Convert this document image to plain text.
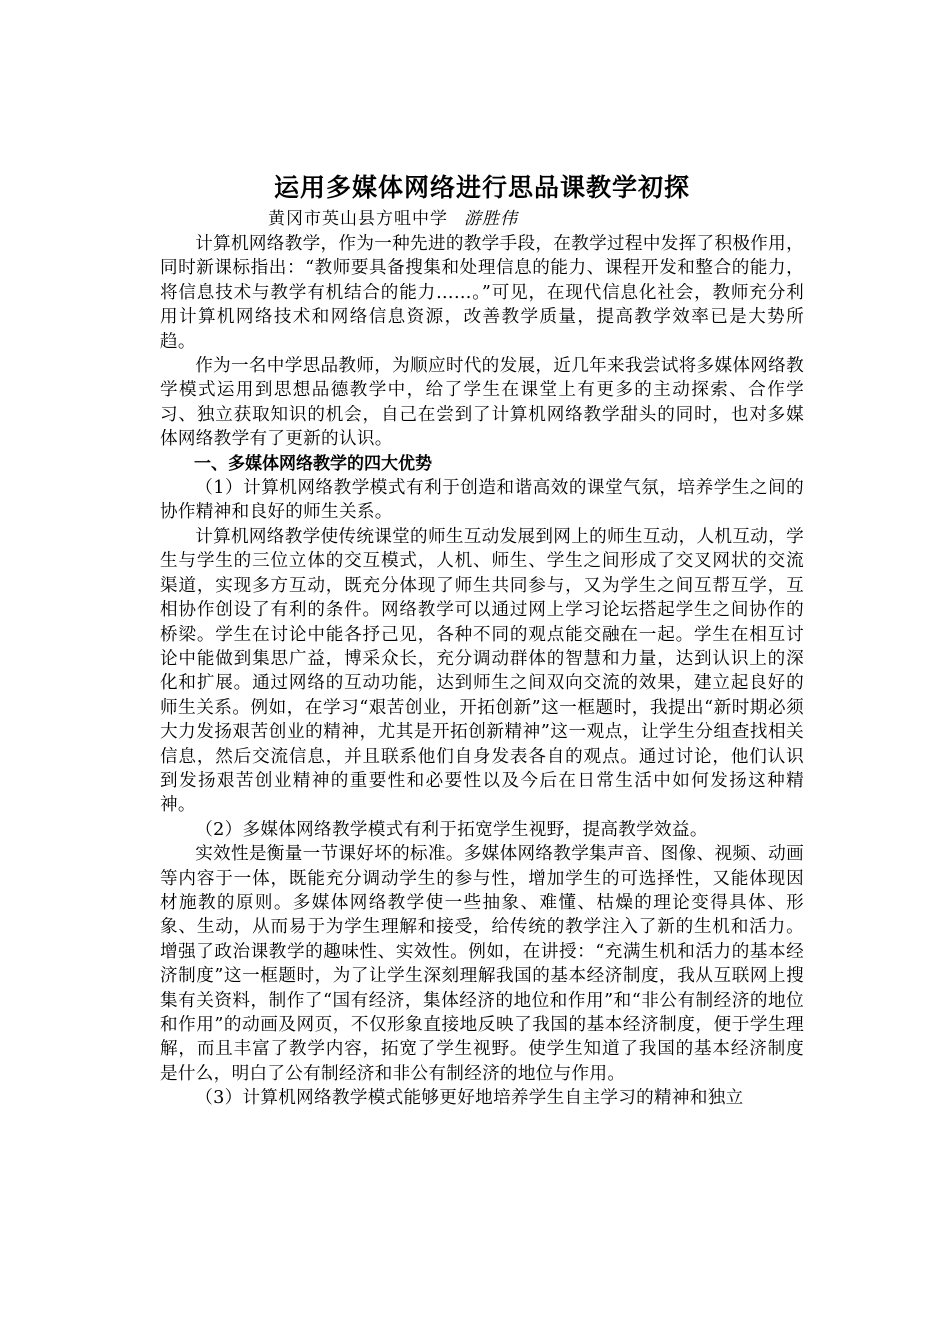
运用多媒体网络进行思品课教学初探
黄冈市英山县方咀中学 游胜伟

计算机网络教学，作为一种先进的教学手段，在教学过程中发挥了积极作用，同时新课标指出：“教师要具备搜集和处理信息的能力、课程开发和整合的能力，将信息技术与教学有机结合的能力……。”可见，在现代信息化社会，教师充分利用计算机网络技术和网络信息资源，改善教学质量，提高教学效率已是大势所趋。

作为一名中学思品教师，为顺应时代的发展，近几年来我尝试将多媒体网络教学模式运用到思想品德教学中，给了学生在课堂上有更多的主动探索、合作学习、独立获取知识的机会，自己在尝到了计算机网络教学甜头的同时，也对多媒体网络教学有了更新的认识。

一、多媒体网络教学的四大优势

（1）计算机网络教学模式有利于创造和谐高效的课堂气氛，培养学生之间的协作精神和良好的师生关系。

计算机网络教学使传统课堂的师生互动发展到网上的师生互动，人机互动，学生与学生的三位立体的交互模式，人机、师生、学生之间形成了交叉网状的交流渠道，实现多方互动，既充分体现了师生共同参与，又为学生之间互帮互学，互相协作创设了有利的条件。网络教学可以通过网上学习论坛搭起学生之间协作的桥梁。学生在讨论中能各抒己见，各种不同的观点能交融在一起。学生在相互讨论中能做到集思广益，博采众长，充分调动群体的智慧和力量，达到认识上的深化和扩展。通过网络的互动功能，达到师生之间双向交流的效果，建立起良好的师生关系。例如，在学习“艰苦创业，开拓创新”这一框题时，我提出“新时期必须大力发扬艰苦创业的精神，尤其是开拓创新精神”这一观点，让学生分组查找相关信息，然后交流信息，并且联系他们自身发表各自的观点。通过讨论，他们认识到发扬艰苦创业精神的重要性和必要性以及今后在日常生活中如何发扬这种精神。

（2）多媒体网络教学模式有利于拓宽学生视野，提高教学效益。

实效性是衡量一节课好坏的标准。多媒体网络教学集声音、图像、视频、动画等内容于一体，既能充分调动学生的参与性，增加学生的可选择性，又能体现因材施教的原则。多媒体网络教学使一些抽象、难懂、枯燥的理论变得具体、形象、生动，从而易于为学生理解和接受，给传统的教学注入了新的生机和活力。增强了政治课教学的趣味性、实效性。例如，在讲授：“充满生机和活力的基本经济制度”这一框题时，为了让学生深刻理解我国的基本经济制度，我从互联网上搜集有关资料，制作了“国有经济，集体经济的地位和作用”和“非公有制经济的地位和作用”的动画及网页，不仅形象直接地反映了我国的基本经济制度，便于学生理解，而且丰富了教学内容，拓宽了学生视野。使学生知道了我国的基本经济制度是什么，明白了公有制经济和非公有制经济的地位与作用。

（3）计算机网络教学模式能够更好地培养学生自主学习的精神和独立
